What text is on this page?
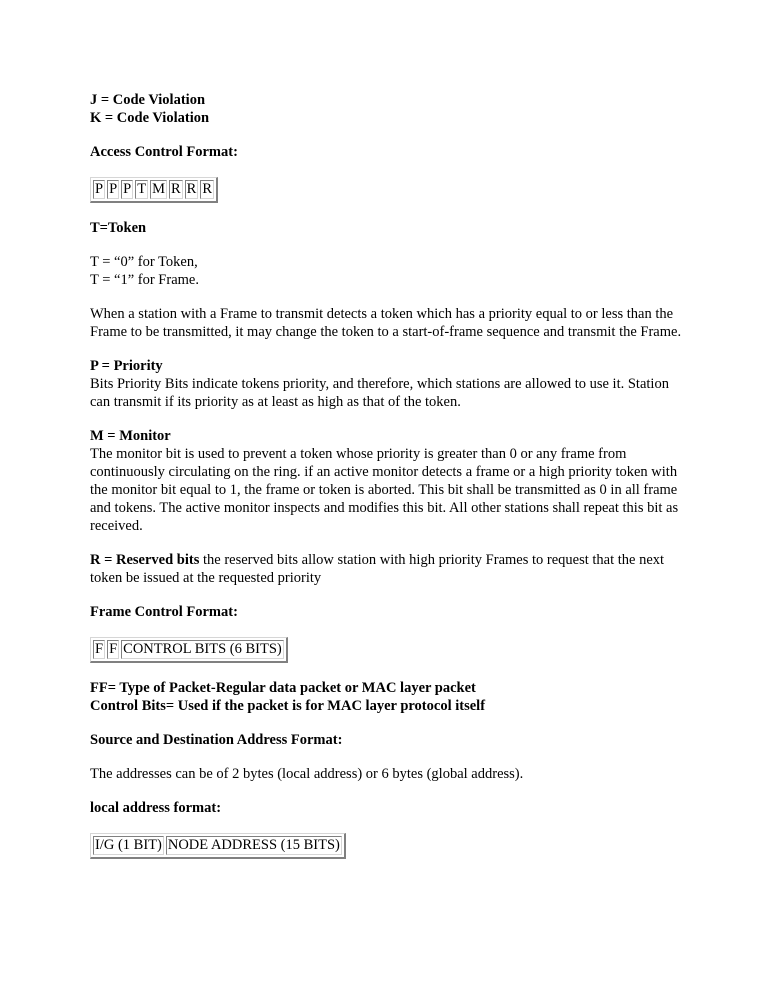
J = Code Violation

K = Code Violation

Access Control Format:

P	P	P	T	M	R	R	R

T=Token

T = “0” for Token,

T = “1” for Frame.

When a station with a Frame to transmit detects a token which has a priority equal to or less than the Frame to be transmitted, it may change the token to a start-of-frame sequence and transmit the Frame.

P = Priority

Bits Priority Bits indicate tokens priority, and therefore, which stations are allowed to use it. Station can transmit if its priority as at least as high as that of the token.

M = Monitor

The monitor bit is used to prevent a token whose priority is greater than 0 or any frame from continuously circulating on the ring. if an active monitor detects a frame or a high priority token with the monitor bit equal to 1, the frame or token is aborted. This bit shall be transmitted as 0 in all frame and tokens. The active monitor inspects and modifies this bit. All other stations shall repeat this bit as received.

R = Reserved bits the reserved bits allow station with high priority Frames to request that the next token be issued at the requested priority

Frame Control Format:

F	F	CONTROL BITS (6 BITS)

FF= Type of Packet-Regular data packet or MAC layer packet

Control Bits= Used if the packet is for MAC layer protocol itself

Source and Destination Address Format:

The addresses can be of 2 bytes (local address) or 6 bytes (global address).

local address format:

I/G (1 BIT)	NODE ADDRESS (15 BITS)
